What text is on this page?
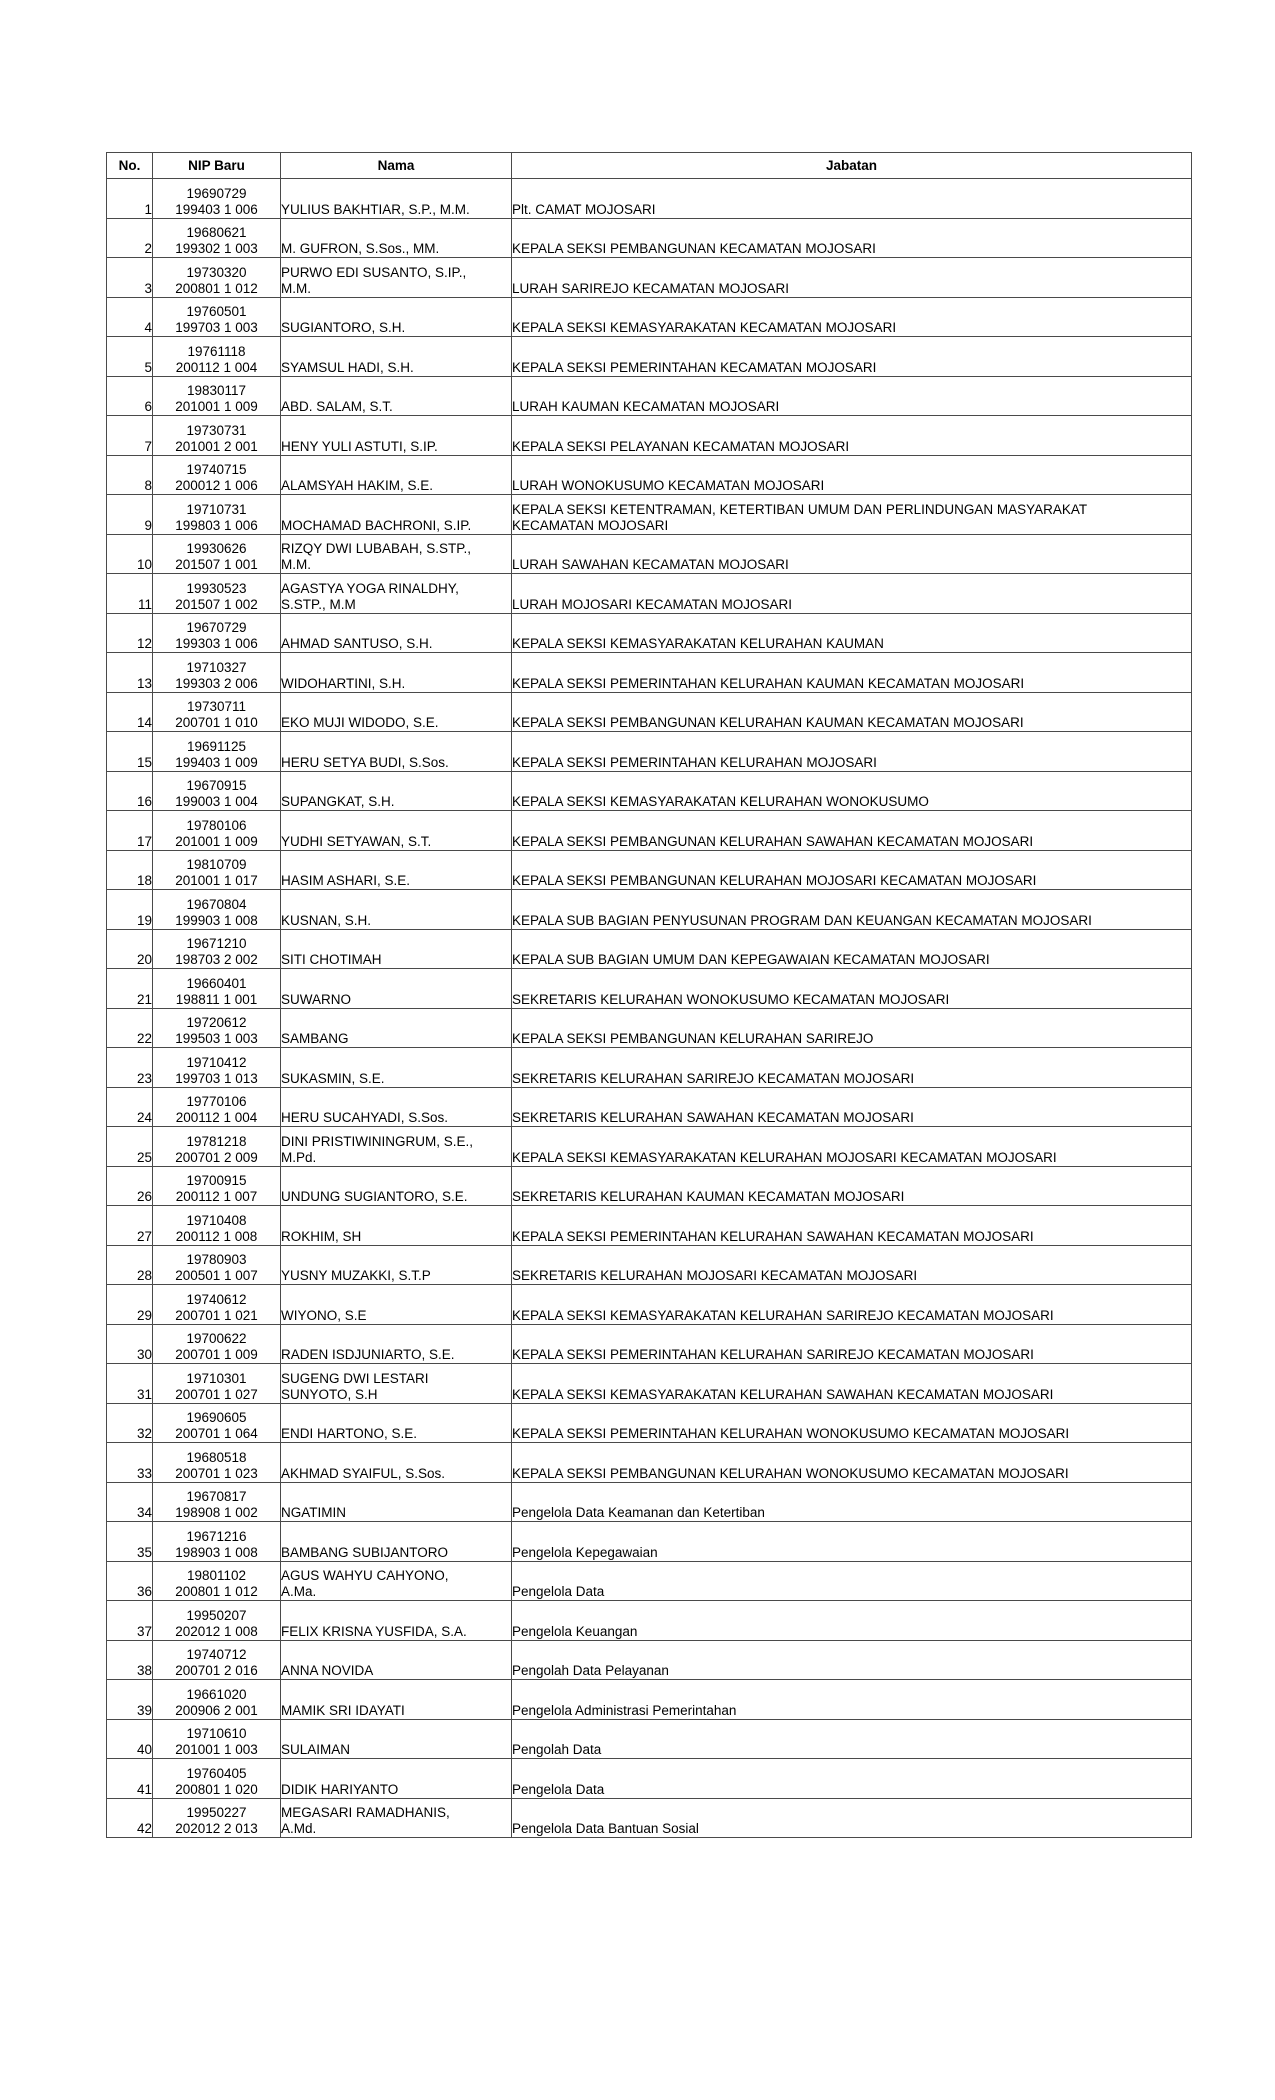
No.	NIP Baru	Nama	Jabatan
1	19690729
199403 1 006	YULIUS BAKHTIAR, S.P., M.M.	Plt. CAMAT MOJOSARI

2	19680621
199302 1 003	M. GUFRON, S.Sos., MM.	KEPALA SEKSI PEMBANGUNAN KECAMATAN MOJOSARI

3	19730320
200801 1 012	PURWO EDI SUSANTO, S.IP.,
M.M.	LURAH SARIREJO KECAMATAN MOJOSARI

4	19760501
199703 1 003	SUGIANTORO, S.H.	KEPALA SEKSI KEMASYARAKATAN KECAMATAN MOJOSARI

5	19761118
200112 1 004	SYAMSUL HADI, S.H.	KEPALA SEKSI PEMERINTAHAN KECAMATAN MOJOSARI

6	19830117
201001 1 009	ABD. SALAM, S.T.	LURAH KAUMAN KECAMATAN MOJOSARI

7	19730731
201001 2 001	HENY YULI ASTUTI, S.IP.	KEPALA SEKSI PELAYANAN KECAMATAN MOJOSARI

8	19740715
200012 1 006	ALAMSYAH HAKIM, S.E.	LURAH WONOKUSUMO KECAMATAN MOJOSARI

9	19710731
199803 1 006	MOCHAMAD BACHRONI, S.IP.	KEPALA SEKSI KETENTRAMAN, KETERTIBAN UMUM DAN PERLINDUNGAN MASYARAKAT
KECAMATAN MOJOSARI

10	19930626
201507 1 001	RIZQY DWI LUBABAH, S.STP.,
M.M.	LURAH SAWAHAN KECAMATAN MOJOSARI

11	19930523
201507 1 002	AGASTYA YOGA RINALDHY,
S.STP., M.M	LURAH MOJOSARI KECAMATAN MOJOSARI

12	19670729
199303 1 006	AHMAD SANTUSO, S.H.	KEPALA SEKSI KEMASYARAKATAN KELURAHAN KAUMAN

13	19710327
199303 2 006	WIDOHARTINI, S.H.	KEPALA SEKSI PEMERINTAHAN KELURAHAN KAUMAN KECAMATAN MOJOSARI

14	19730711
200701 1 010	EKO MUJI WIDODO, S.E.	KEPALA SEKSI PEMBANGUNAN KELURAHAN KAUMAN KECAMATAN MOJOSARI

15	19691125
199403 1 009	HERU SETYA BUDI, S.Sos.	KEPALA SEKSI PEMERINTAHAN KELURAHAN MOJOSARI

16	19670915
199003 1 004	SUPANGKAT, S.H.	KEPALA SEKSI KEMASYARAKATAN KELURAHAN WONOKUSUMO

17	19780106
201001 1 009	YUDHI SETYAWAN, S.T.	KEPALA SEKSI PEMBANGUNAN KELURAHAN SAWAHAN KECAMATAN MOJOSARI

18	19810709
201001 1 017	HASIM ASHARI, S.E.	KEPALA SEKSI PEMBANGUNAN KELURAHAN MOJOSARI KECAMATAN MOJOSARI

19	19670804
199903 1 008	KUSNAN, S.H.	KEPALA SUB BAGIAN PENYUSUNAN PROGRAM DAN KEUANGAN KECAMATAN MOJOSARI

20	19671210
198703 2 002	SITI CHOTIMAH	KEPALA SUB BAGIAN UMUM DAN KEPEGAWAIAN KECAMATAN MOJOSARI

21	19660401
198811 1 001	SUWARNO	SEKRETARIS KELURAHAN WONOKUSUMO KECAMATAN MOJOSARI

22	19720612
199503 1 003	SAMBANG	KEPALA SEKSI PEMBANGUNAN KELURAHAN SARIREJO

23	19710412
199703 1 013	SUKASMIN, S.E.	SEKRETARIS KELURAHAN SARIREJO KECAMATAN MOJOSARI

24	19770106
200112 1 004	HERU SUCAHYADI, S.Sos.	SEKRETARIS KELURAHAN SAWAHAN KECAMATAN MOJOSARI

25	19781218
200701 2 009	DINI PRISTIWININGRUM, S.E.,
M.Pd.	KEPALA SEKSI KEMASYARAKATAN KELURAHAN MOJOSARI KECAMATAN MOJOSARI

26	19700915
200112 1 007	UNDUNG SUGIANTORO, S.E.	SEKRETARIS KELURAHAN KAUMAN KECAMATAN MOJOSARI

27	19710408
200112 1 008	ROKHIM, SH	KEPALA SEKSI PEMERINTAHAN KELURAHAN SAWAHAN KECAMATAN MOJOSARI

28	19780903
200501 1 007	YUSNY MUZAKKI, S.T.P	SEKRETARIS KELURAHAN MOJOSARI KECAMATAN MOJOSARI

29	19740612
200701 1 021	WIYONO, S.E	KEPALA SEKSI KEMASYARAKATAN KELURAHAN SARIREJO KECAMATAN MOJOSARI

30	19700622
200701 1 009	RADEN ISDJUNIARTO, S.E.	KEPALA SEKSI PEMERINTAHAN KELURAHAN SARIREJO KECAMATAN MOJOSARI

31	19710301
200701 1 027	SUGENG DWI LESTARI
SUNYOTO, S.H	KEPALA SEKSI KEMASYARAKATAN KELURAHAN SAWAHAN KECAMATAN MOJOSARI

32	19690605
200701 1 064	ENDI HARTONO, S.E.	KEPALA SEKSI PEMERINTAHAN KELURAHAN WONOKUSUMO KECAMATAN MOJOSARI

33	19680518
200701 1 023	AKHMAD SYAIFUL, S.Sos.	KEPALA SEKSI PEMBANGUNAN KELURAHAN WONOKUSUMO KECAMATAN MOJOSARI

34	19670817
198908 1 002	NGATIMIN	Pengelola Data Keamanan dan Ketertiban

35	19671216
198903 1 008	BAMBANG SUBIJANTORO	Pengelola Kepegawaian

36	19801102
200801 1 012	AGUS WAHYU CAHYONO,
A.Ma.	Pengelola Data

37	19950207
202012 1 008	FELIX KRISNA YUSFIDA, S.A.	Pengelola Keuangan

38	19740712
200701 2 016	ANNA NOVIDA	Pengolah Data Pelayanan

39	19661020
200906 2 001	MAMIK SRI IDAYATI	Pengelola Administrasi Pemerintahan

40	19710610
201001 1 003	SULAIMAN	Pengolah Data

41	19760405
200801 1 020	DIDIK HARIYANTO	Pengelola Data

42	19950227
202012 2 013	MEGASARI RAMADHANIS,
A.Md.	Pengelola Data Bantuan Sosial
